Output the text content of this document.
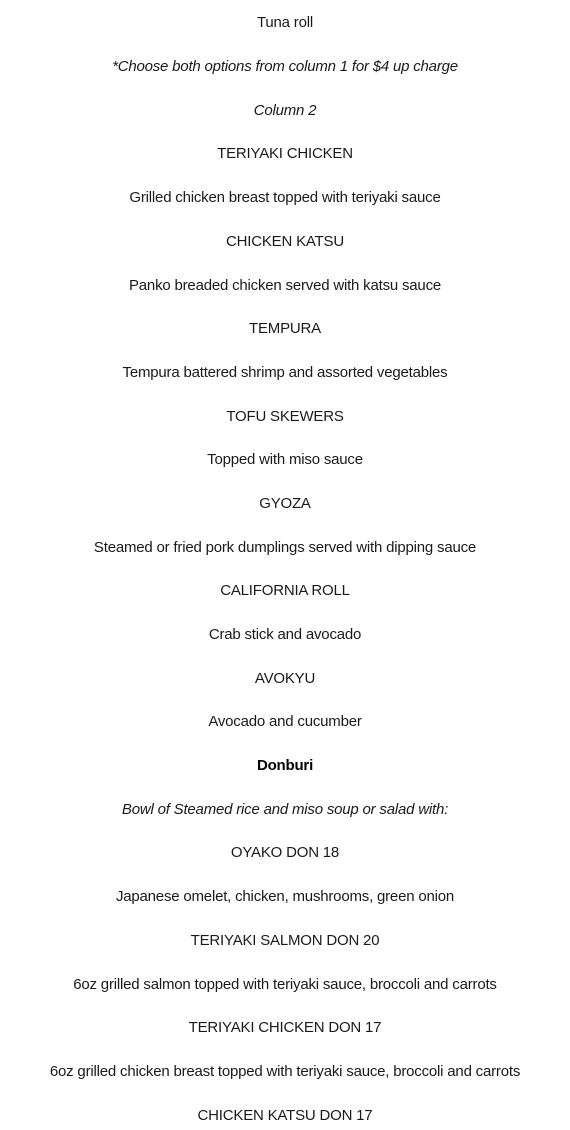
Tuna roll
*Choose both options from column 1 for $4 up charge
Column 2
TERIYAKI CHICKEN
Grilled chicken breast topped with teriyaki sauce
CHICKEN KATSU
Panko breaded chicken served with katsu sauce
TEMPURA
Tempura battered shrimp and assorted vegetables
TOFU SKEWERS
Topped with miso sauce
GYOZA
Steamed or fried pork dumplings served with dipping sauce
CALIFORNIA ROLL
Crab stick and avocado
AVOKYU
Avocado and cucumber
Donburi
Bowl of Steamed rice and miso soup or salad with:
OYAKO DON 18
Japanese omelet, chicken, mushrooms, green onion
TERIYAKI SALMON DON 20
6oz grilled salmon topped with teriyaki sauce, broccoli and carrots
TERIYAKI CHICKEN DON 17
6oz grilled chicken breast topped with teriyaki sauce, broccoli and carrots
CHICKEN KATSU DON 17
